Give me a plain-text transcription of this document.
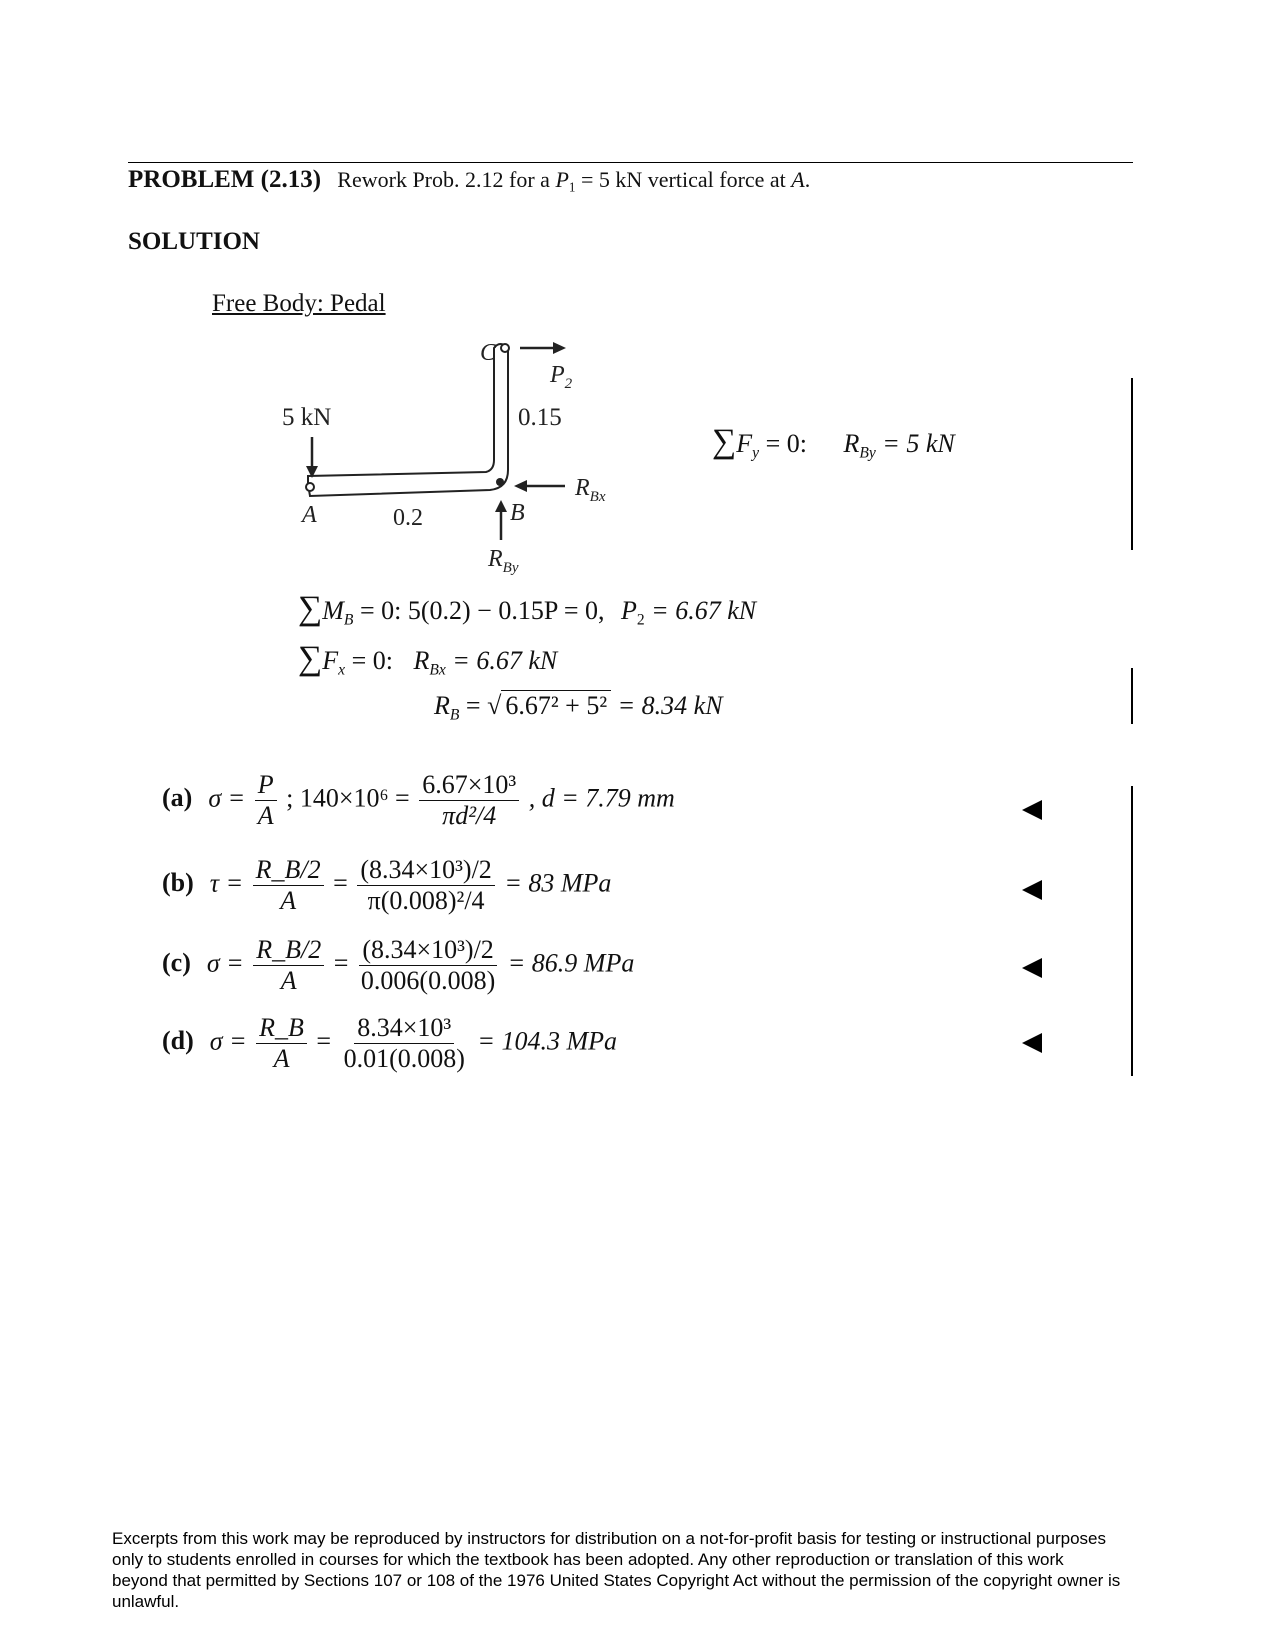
PROBLEM (2.13) Rework Prob. 2.12 for a $P_1 = 5$ kN vertical force at A.
SOLUTION
Free Body: Pedal
5 kN
A	0.2	B
C
0.15
$P_2$
$R_{Bx}$
$R_{By}$
$\sum F_y = 0$: $R_{By} = 5$ kN
$\sum M_B = 0$: 5(0.2) − 0.15P = 0, $P_2 = 6.67$ kN
$\sum F_x = 0$: $R_{Bx} = 6.67$ kN
$R_B$ = √ 6.67² + 5² = 8.34 kN
(a) $\sigma = \frac{P}{A}$ ; $140\times 10^6 = \frac{\text{6.67×10³}}{\text{πd²/4}}$ , d = 7.79 mm
(b) $\tau = \frac{R\_B/2}{A} = \frac{\text{(8.34×10³)/2}}{\text{π(0.008)²/4}} = 83$ MPa
(c) $\sigma = \frac{R\_B/2}{A} = \frac{\text{(8.34×10³)/2}}{0.006(0.008)} = 86.9$ MPa
(d) $\sigma = \frac{R\_B}{A} = \frac{\text{8.34×10³}}{0.01(0.008)} = 104.3$ MPa
Excerpts from this work may be reproduced by instructors for distribution on a not-for-profit basis for testing or instructional purposes only to students enrolled in courses for which the textbook has been adopted. Any other reproduction or translation of this work beyond that permitted by Sections 107 or 108 of the 1976 United States Copyright Act without the permission of the copyright owner is unlawful.
